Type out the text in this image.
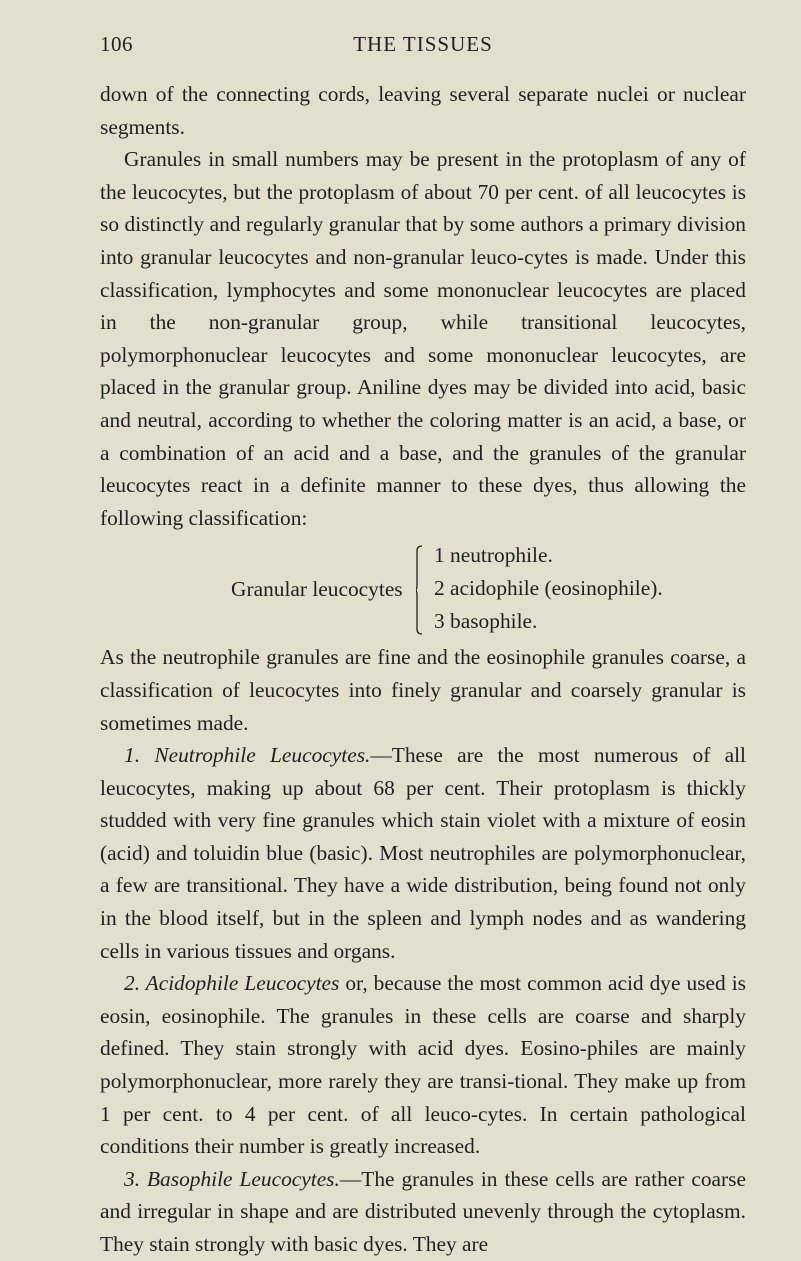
106	THE TISSUES

down of the connecting cords, leaving several separate nuclei or nuclear segments.

Granules in small numbers may be present in the protoplasm of any of the leucocytes, but the protoplasm of about 70 per cent. of all leucocytes is so distinctly and regularly granular that by some authors a primary division into granular leucocytes and non-granular leuco-cytes is made. Under this classification, lymphocytes and some mononuclear leucocytes are placed in the non-granular group, while transitional leucocytes, polymorphonuclear leucocytes and some mononuclear leucocytes, are placed in the granular group. Aniline dyes may be divided into acid, basic and neutral, according to whether the coloring matter is an acid, a base, or a combination of an acid and a base, and the granules of the granular leucocytes react in a definite manner to these dyes, thus allowing the following classification:

Granular leucocytes
1 neutrophile.
2 acidophile (eosinophile).
3 basophile.

As the neutrophile granules are fine and the eosinophile granules coarse, a classification of leucocytes into finely granular and coarsely granular is sometimes made.

1. Neutrophile Leucocytes.—These are the most numerous of all leucocytes, making up about 68 per cent. Their protoplasm is thickly studded with very fine granules which stain violet with a mixture of eosin (acid) and toluidin blue (basic). Most neutrophiles are polymorphonuclear, a few are transitional. They have a wide distribution, being found not only in the blood itself, but in the spleen and lymph nodes and as wandering cells in various tissues and organs.

2. Acidophile Leucocytes or, because the most common acid dye used is eosin, eosinophile. The granules in these cells are coarse and sharply defined. They stain strongly with acid dyes. Eosino-philes are mainly polymorphonuclear, more rarely they are transi-tional. They make up from 1 per cent. to 4 per cent. of all leuco-cytes. In certain pathological conditions their number is greatly increased.

3. Basophile Leucocytes.—The granules in these cells are rather coarse and irregular in shape and are distributed unevenly through the cytoplasm. They stain strongly with basic dyes. They are
